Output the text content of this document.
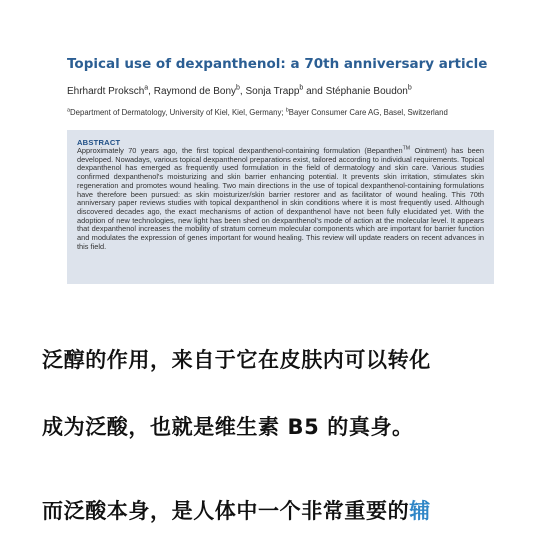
Topical use of dexpanthenol: a 70th anniversary article
Ehrhardt Proksch$^a$, Raymond de Bony$^b$, Sonja Trapp$^b$ and Stéphanie Boudon$^b$
$^a$Department of Dermatology, University of Kiel, Kiel, Germany; $^b$Bayer Consumer Care AG, Basel, Switzerland
ABSTRACT
Approximately 70 years ago, the first topical dexpanthenol-containing formulation (Bepanthen™ Ointment) has been developed. Nowadays, various topical dexpanthenol preparations exist, tailored according to individual requirements. Topical dexpanthenol has emerged as frequently used formulation in the field of dermatology and skin care. Various studies confirmed dexpanthenol's moisturizing and skin barrier enhancing potential. It prevents skin irritation, stimulates skin regeneration and promotes wound healing. Two main directions in the use of topical dexpanthenol-containing formulations have therefore been pursued: as skin moisturizer/skin barrier restorer and as facilitator of wound healing. This 70th anniversary paper reviews studies with topical dexpanthenol in skin conditions where it is most frequently used. Although discovered decades ago, the exact mechanisms of action of dexpanthenol have not been fully elucidated yet. With the adoption of new technologies, new light has been shed on dexpanthenol's mode of action at the molecular level. It appears that dexpanthenol increases the mobility of stratum corneum molecular components which are important for barrier function and modulates the expression of genes important for wound healing. This review will update readers on recent advances in this field.
泛醇的作用，来自于它在皮肤内可以转化
成为泛酸，也就是维生素 B5 的真身。
而泛酸本身，是人体中一个非常重要的辅
